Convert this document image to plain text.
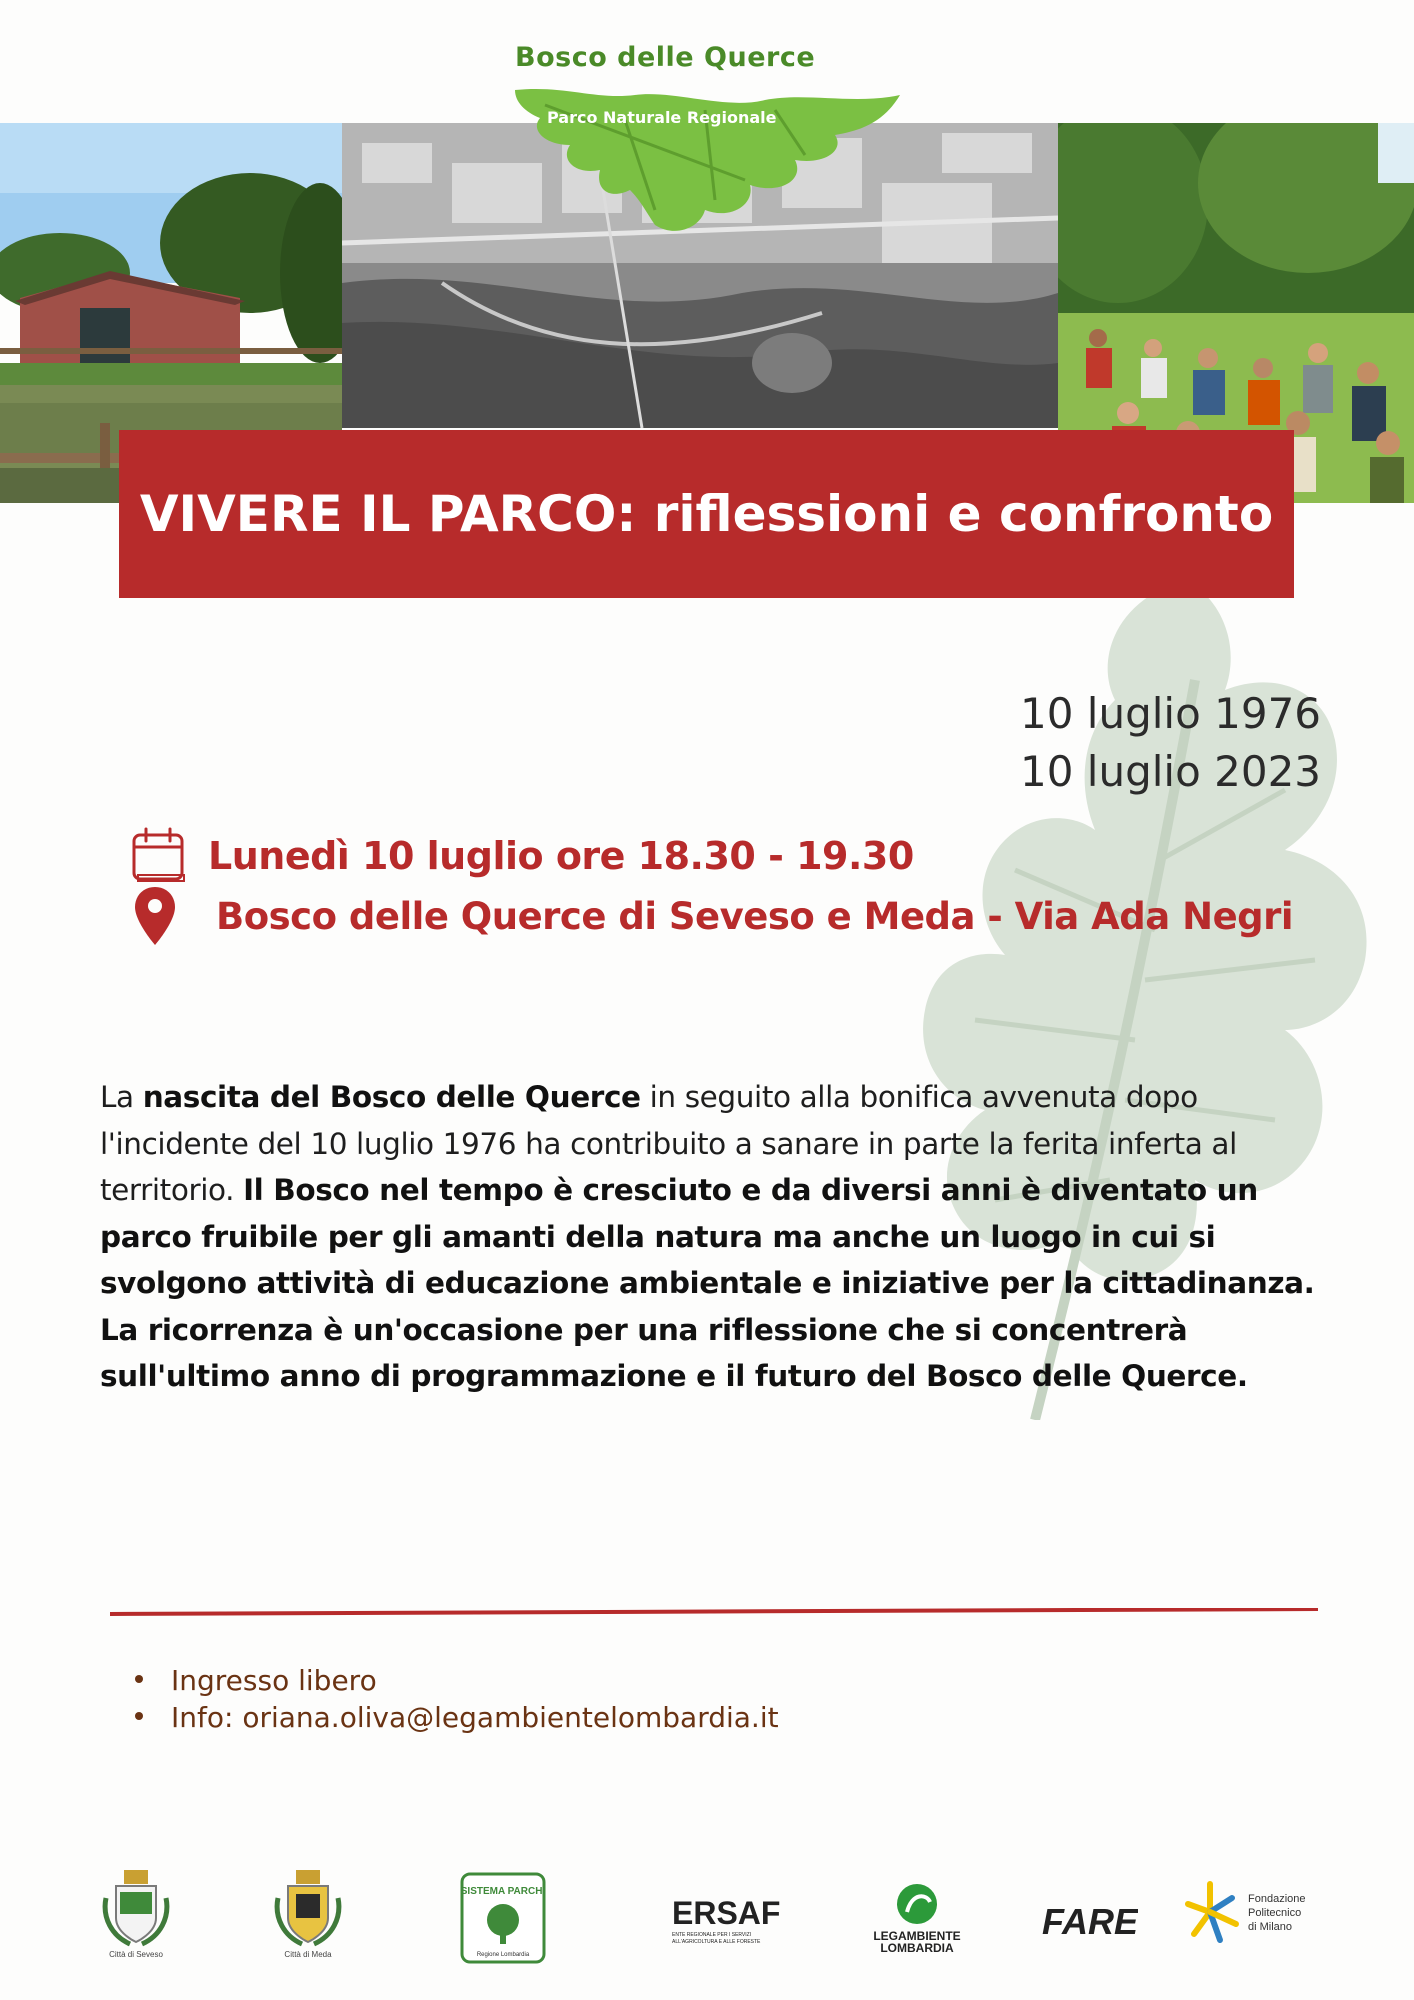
Bosco delle Querce
Parco Naturale Regionale
VIVERE IL PARCO: riflessioni e confronto
10 luglio 1976
10 luglio 2023
Lunedì 10 luglio ore 18.30 - 19.30
Bosco delle Querce di Seveso e Meda - Via Ada Negri
La nascita del Bosco delle Querce in seguito alla bonifica avvenuta dopo l'incidente del 10 luglio 1976 ha contribuito a sanare in parte la ferita inferta al territorio. Il Bosco nel tempo è cresciuto e da diversi anni è diventato un parco fruibile per gli amanti della natura ma anche un luogo in cui si svolgono attività di educazione ambientale e iniziative per la cittadinanza.
La ricorrenza è un'occasione per una riflessione che si concentrerà sull'ultimo anno di programmazione e il futuro del Bosco delle Querce.
Ingresso libero
Info: oriana.oliva@legambientelombardia.it
Città di Seveso	Città di Meda
SISTEMA PARCHI
Regione Lombardia
ERSAF
ENTE REGIONALE PER I SERVIZI
ALL'AGRICOLTURA E ALLE FORESTE	LEGAMBIENTE
LOMBARDIA
FARE
Fondazione
Politecnico
di Milano
